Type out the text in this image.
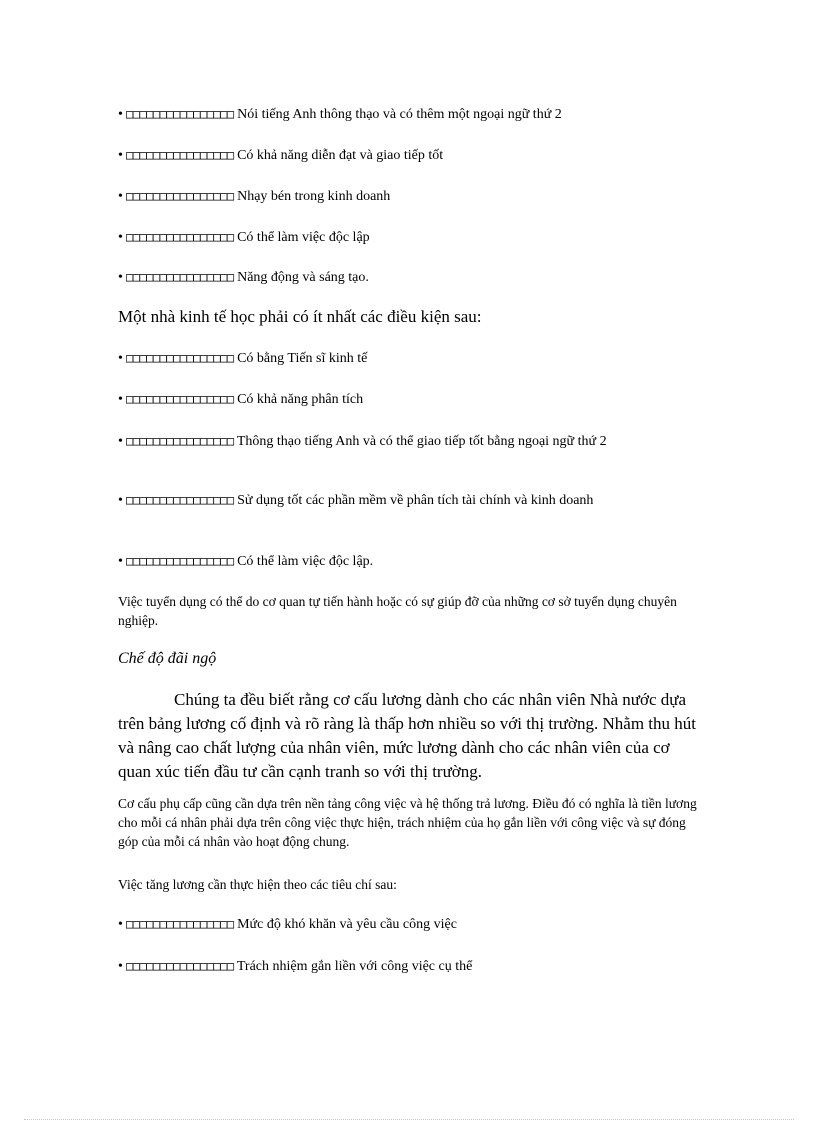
• □□□□□□□□□□□□□□□□ Nói tiếng Anh thông thạo và có thêm một ngoại ngữ thứ 2

• □□□□□□□□□□□□□□□□ Có khả năng diễn đạt và giao tiếp tốt

• □□□□□□□□□□□□□□□□ Nhạy bén trong kinh doanh

• □□□□□□□□□□□□□□□□ Có thể làm việc độc lập

• □□□□□□□□□□□□□□□□ Năng động và sáng tạo.

Một nhà kinh tế học phải có ít nhất các điều kiện sau:

• □□□□□□□□□□□□□□□□ Có bằng Tiến sĩ kinh tế

• □□□□□□□□□□□□□□□□ Có khả năng phân tích

• □□□□□□□□□□□□□□□□ Thông thạo tiếng Anh và có thể giao tiếp tốt bằng ngoại ngữ thứ 2

• □□□□□□□□□□□□□□□□ Sử dụng tốt các phần mềm về phân tích tài chính và kinh doanh

• □□□□□□□□□□□□□□□□ Có thể làm việc độc lập.

Việc tuyển dụng có thể do cơ quan tự tiến hành hoặc có sự giúp đỡ của những cơ sở tuyển dụng chuyên nghiệp.

Chế độ đãi ngộ

Chúng ta đều biết rằng cơ cấu lương dành cho các nhân viên Nhà nước dựa trên bảng lương cố định và rõ ràng là thấp hơn nhiều so với thị trường. Nhằm thu hút và nâng cao chất lượng của nhân viên, mức lương dành cho các nhân viên của cơ quan xúc tiến đầu tư cần cạnh tranh so với thị trường.

Cơ cấu phụ cấp cũng cần dựa trên nền tảng công việc và hệ thống trả lương. Điều đó có nghĩa là tiền lương cho mỗi cá nhân phải dựa trên công việc thực hiện, trách nhiệm của họ gắn liền với công việc và sự đóng góp của mỗi cá nhân vào hoạt động chung.

Việc tăng lương cần thực hiện theo các tiêu chí sau:

• □□□□□□□□□□□□□□□□ Mức độ khó khăn và yêu cầu công việc

• □□□□□□□□□□□□□□□□ Trách nhiệm gắn liền với công việc cụ thể
